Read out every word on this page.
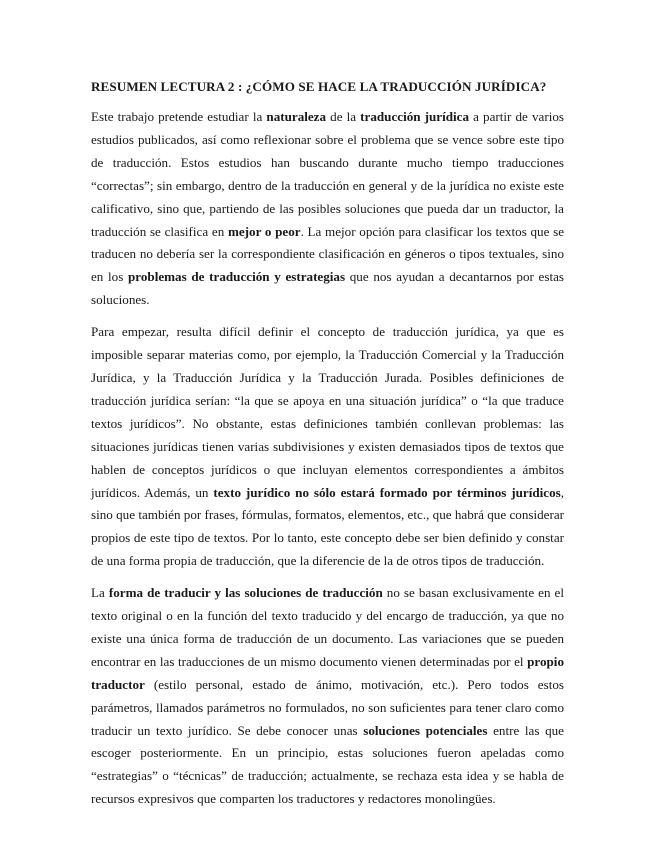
RESUMEN LECTURA 2 : ¿CÓMO SE HACE LA TRADUCCIÓN JURÍDICA?

Este trabajo pretende estudiar la naturaleza de la traducción jurídica a partir de varios estudios publicados, así como reflexionar sobre el problema que se vence sobre este tipo de traducción. Estos estudios han buscando durante mucho tiempo traducciones “correctas”; sin embargo, dentro de la traducción en general y de la jurídica no existe este calificativo, sino que, partiendo de las posibles soluciones que pueda dar un traductor, la traducción se clasifica en mejor o peor. La mejor opción para clasificar los textos que se traducen no debería ser la correspondiente clasificación en géneros o tipos textuales, sino en los problemas de traducción y estrategias que nos ayudan a decantarnos por estas soluciones.

Para empezar, resulta difícil definir el concepto de traducción jurídica, ya que es imposible separar materias como, por ejemplo, la Traducción Comercial y la Traducción Jurídica, y la Traducción Jurídica y la Traducción Jurada. Posibles definiciones de traducción jurídica serían: “la que se apoya en una situación jurídica” o “la que traduce textos jurídicos”. No obstante, estas definiciones también conllevan problemas: las situaciones jurídicas tienen varias subdivisiones y existen demasiados tipos de textos que hablen de conceptos jurídicos o que incluyan elementos correspondientes a ámbitos jurídicos. Además, un texto jurídico no sólo estará formado por términos jurídicos, sino que también por frases, fórmulas, formatos, elementos, etc., que habrá que considerar propios de este tipo de textos. Por lo tanto, este concepto debe ser bien definido y constar de una forma propia de traducción, que la diferencie de la de otros tipos de traducción.

La forma de traducir y las soluciones de traducción no se basan exclusivamente en el texto original o en la función del texto traducido y del encargo de traducción, ya que no existe una única forma de traducción de un documento. Las variaciones que se pueden encontrar en las traducciones de un mismo documento vienen determinadas por el propio traductor (estilo personal, estado de ánimo, motivación, etc.). Pero todos estos parámetros, llamados parámetros no formulados, no son suficientes para tener claro como traducir un texto jurídico. Se debe conocer unas soluciones potenciales entre las que escoger posteriormente. En un principio, estas soluciones fueron apeladas como “estrategias” o “técnicas” de traducción; actualmente, se rechaza esta idea y se habla de recursos expresivos que comparten los traductores y redactores monolingües.
